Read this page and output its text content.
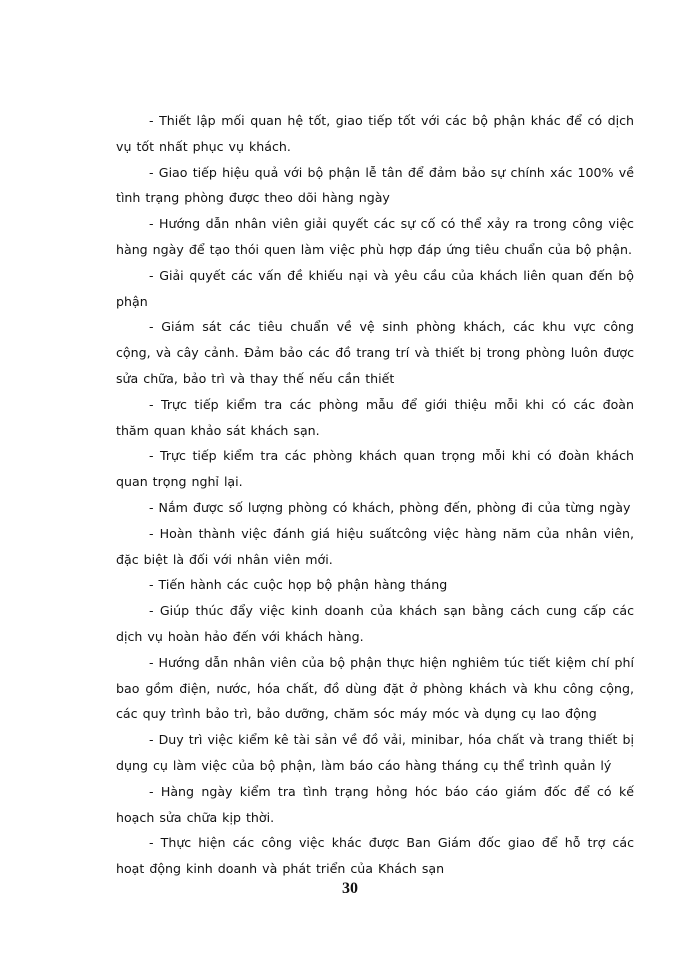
- Thiết lập mối quan hệ tốt, giao tiếp tốt với các bộ phận khác để có dịch vụ tốt nhất phục vụ khách.

- Giao tiếp hiệu quả với bộ phận lễ tân để đảm bảo sự chính xác 100% về tình trạng phòng được theo dõi hàng ngày

- Hướng dẫn nhân viên giải quyết các sự cố có thể xảy ra trong công việc hàng ngày để tạo thói quen làm việc phù hợp đáp ứng tiêu chuẩn của bộ phận.

- Giải quyết các vấn đề khiếu nại và yêu cầu của khách liên quan đến bộ phận

- Giám sát các tiêu chuẩn về vệ sinh phòng khách, các khu vực công cộng, và cây cảnh. Đảm bảo các đồ trang trí và thiết bị trong phòng luôn được sửa chữa, bảo trì và thay thế nếu cần thiết

- Trực tiếp kiểm tra các phòng mẫu để giới thiệu mỗi khi có các đoàn thăm quan khảo sát khách sạn.

- Trực tiếp kiểm tra các phòng khách quan trọng mỗi khi có đoàn khách quan trọng nghỉ lại.

- Nắm được số lượng phòng có khách, phòng đến, phòng đi của từng ngày

- Hoàn thành việc đánh giá hiệu suấtcông việc hàng năm của nhân viên, đặc biệt là đối với nhân viên mới.

- Tiến hành các cuộc họp bộ phận hàng tháng

- Giúp thúc đẩy việc kinh doanh của khách sạn bằng cách cung cấp các dịch vụ hoàn hảo đến với khách hàng.

- Hướng dẫn nhân viên của bộ phận thực hiện nghiêm túc tiết kiệm chí phí bao gồm điện, nước, hóa chất, đồ dùng đặt ở phòng khách và khu công cộng, các quy trình bảo trì, bảo dưỡng, chăm sóc máy móc và dụng cụ lao động

- Duy trì việc kiểm kê tài sản về đồ vải, minibar, hóa chất và trang thiết bị dụng cụ làm việc của bộ phận, làm báo cáo hàng tháng cụ thể trình quản lý

- Hàng ngày kiểm tra tình trạng hỏng hóc báo cáo giám đốc để có kế hoạch sửa chữa kịp thời.

- Thực hiện các công việc khác được Ban Giám đốc giao để hỗ trợ các hoạt động kinh doanh và phát triển của Khách sạn

30
